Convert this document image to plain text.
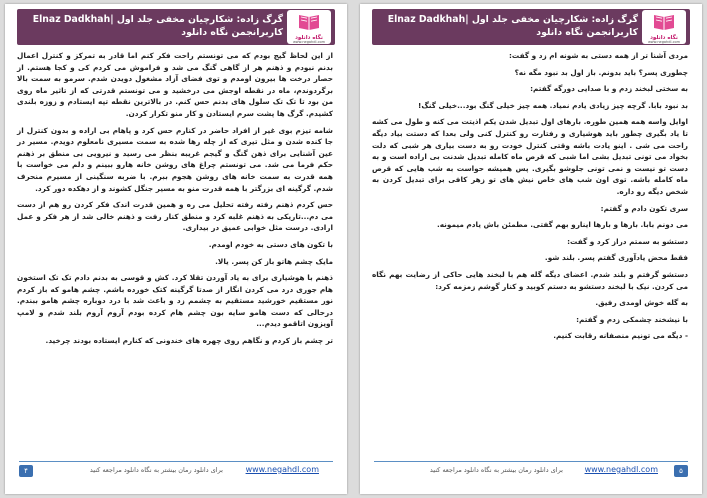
گرگ زاده: شکارچیان مخفی جلد اول |Elnaz Dadkhah کاربرانجمن نگاه دانلود	نگاه دانلود
www.negahdl.com

از این لحاظ گیج بودم که می تونستم راحت فکر کنم اما قادر به تمرکز و کنترل اعمال بدنم نبودم و ذهنم هر از گاهی گنگ می شد و فراموش می کردم کی و کجا هستم. از حصار درخت ها بیرون اومدم و توی فضای آزاد مشغول دویدن شدم. سرمو به سمت بالا برگردوندم، ماه در نقطه اوجش می درخشید و می تونستم قدرتی که از تاثیر ماه روی من بود تا تک تک سلول های بدنم حس کنم. در بالاترین نقطه تپه ایستادم و زوزه بلندی کشیدم. گرگ ها پشت سرم ایستادن و کار منو تکرار کردن.

شامه تیزم بوی غیر از افراد حاضر در کنارم حس کرد و پاهام بی اراده و بدون کنترل از جا کنده شدن و مثل تیری که از چله رها شده به سمت مسیری نامعلوم دویدم. مسیر در عین آشنایی برای ذهن گنگ و گیجم غریبه بنظر می رسید و نیرویی بی منطق بر ذهنم حکم فرما می شد. می تونستم چراغ های روشن خانه هارو ببینم و دلم می خواست با همه قدرت به سمت خانه های روشن هجوم ببرم. با ضربه سنگینی از مسیرم منحرف شدم. گرگینه ای بزرگتر با همه قدرت منو به مسیر جنگل کشوند و از دهکده دور کرد.

حس کردم ذهنم رفته رفته تحلیل می ره و همین قدرت اندک فکر کردن رو هم از دست می دم...تاریکی به ذهنم غلبه کرد و منطق کنار رفت و ذهنم خالی شد از هر فکر و عمل ارادی. درست مثل خوابی عمیق در بیداری.

با تکون های دستی به خودم اومدم.

مایک چشم هاتو باز کن پسر. یالا.

ذهنم با هوشیاری برای به یاد آوردن تقلا کرد. کش و قوسی به بدنم دادم تک تک استخون هام جوری درد می کردن انگار از صدتا گرگینه کتک خورده باشم. چشم هامو که باز کردم نور مستقیم خورشید مستقیم به چشمم زد و باعث شد با درد دوباره چشم هامو ببندم. درحالی که دست هامو سایه بون چشم هام کرده بودم آروم آروم بلند شدم و لامپ آویزون اتاقمو دیدم...

تر چشم باز کردم و نگاهم روی چهره های خندونی که کنارم ایستاده بودند چرخید.

۴	برای دانلود رمان بیشتر به نگاه دانلود مراجعه کنید	www.negahdl.com
گرگ زاده: شکارچیان مخفی جلد اول |Elnaz Dadkhah کاربرانجمن نگاه دانلود	نگاه دانلود
www.negahdl.com

مردی آشنا تر از همه دستی به شونه ام زد و گفت:

چطوری پسر؟ باید بدونم. باز اول بد نبود مگه نه؟

به سختی لبخند زدم و با صدایی دورگه گفتم:

بد نبود بابا. گرچه چیز زیادی یادم نمیاد. همه چیز خیلی گنگ بود...خیلی گنگ!

اوایل واسه همه همین طوره. بارهای اول تبدیل شدن یکم اذیتت می کنه و طول می کشه تا یاد بگیری چطور باید هوشیاری و رفتارت رو کنترل کنی ولی بعدا که دستت بیاد دیگه راحت می شی . اینو یادت باشه وقتی کنترل خودت رو به دست بیاری هر شبی که دلت بخواد می تونی تبدیل بشی اما شبی که قرص ماه کامله تبدیل شدنت بی اراده است و به دست تو نیست و نمی تونی جلوشو بگیری. پس همیشه حواست به شب هایی که قرص ماه کامله باشه. توی اون شب های خاص نیش های تو زهر کافی برای تبدیل کردن به شخص دیگه رو داره.

سری تکون دادم و گفتم:

می دونم بابا. بارها و بارها اینارو بهم گفتی. مطمئن باش یادم میمونه.

دستشو به سمتم دراز کرد و گفت:

فقط محض یادآوری گفتم پسر. بلند شو.

دستشو گرفتم و بلند شدم. اعضای دیگه گله هم با لبخند هایی حاکی از رضایت بهم نگاه می کردن. نیک با لبخند دستشو به دستم کوبید و کنار گوشم زمزمه کرد:

به گله خوش اومدی رفیق.

با نیشخند چشمکی زدم و گفتم:

- دیگه می تونیم منصفانه رقابت کنیم.

۵
برای دانلود رمان بیشتر به نگاه دانلود مراجعه کنید	www.negahdl.com
